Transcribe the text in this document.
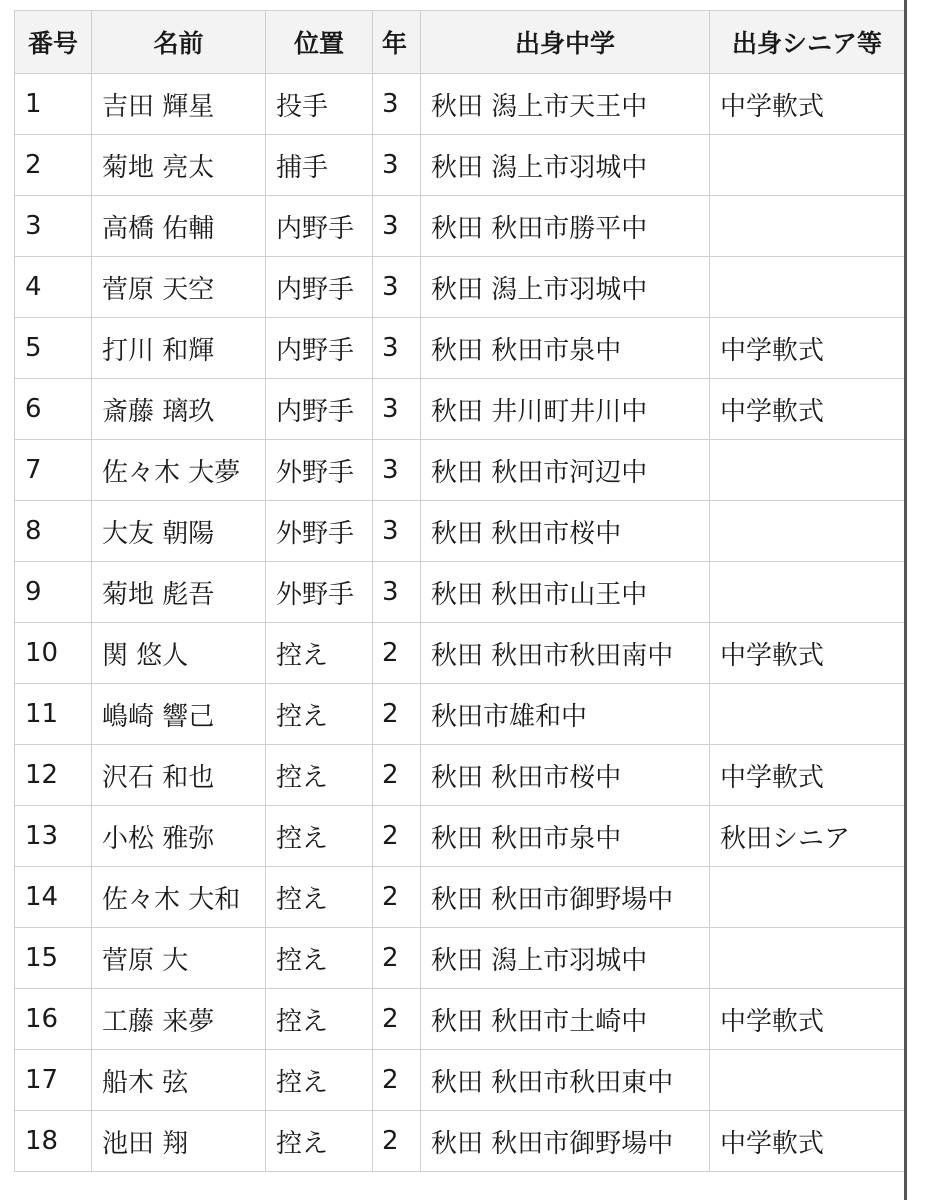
番号	名前	位置	年	出身中学	出身シニア等
1	吉田 輝星	投手	3	秋田 潟上市天王中	中学軟式
2	菊地 亮太	捕手	3	秋田 潟上市羽城中	
3	高橋 佑輔	内野手	3	秋田 秋田市勝平中	
4	菅原 天空	内野手	3	秋田 潟上市羽城中	
5	打川 和輝	内野手	3	秋田 秋田市泉中	中学軟式
6	斎藤 璃玖	内野手	3	秋田 井川町井川中	中学軟式
7	佐々木 大夢	外野手	3	秋田 秋田市河辺中	
8	大友 朝陽	外野手	3	秋田 秋田市桜中	
9	菊地 彪吾	外野手	3	秋田 秋田市山王中	
10	関 悠人	控え	2	秋田 秋田市秋田南中	中学軟式
11	嶋崎 響己	控え	2	秋田市雄和中	
12	沢石 和也	控え	2	秋田 秋田市桜中	中学軟式
13	小松 雅弥	控え	2	秋田 秋田市泉中	秋田シニア
14	佐々木 大和	控え	2	秋田 秋田市御野場中	
15	菅原 大	控え	2	秋田 潟上市羽城中	
16	工藤 来夢	控え	2	秋田 秋田市土崎中	中学軟式
17	船木 弦	控え	2	秋田 秋田市秋田東中	
18	池田 翔	控え	2	秋田 秋田市御野場中	中学軟式
